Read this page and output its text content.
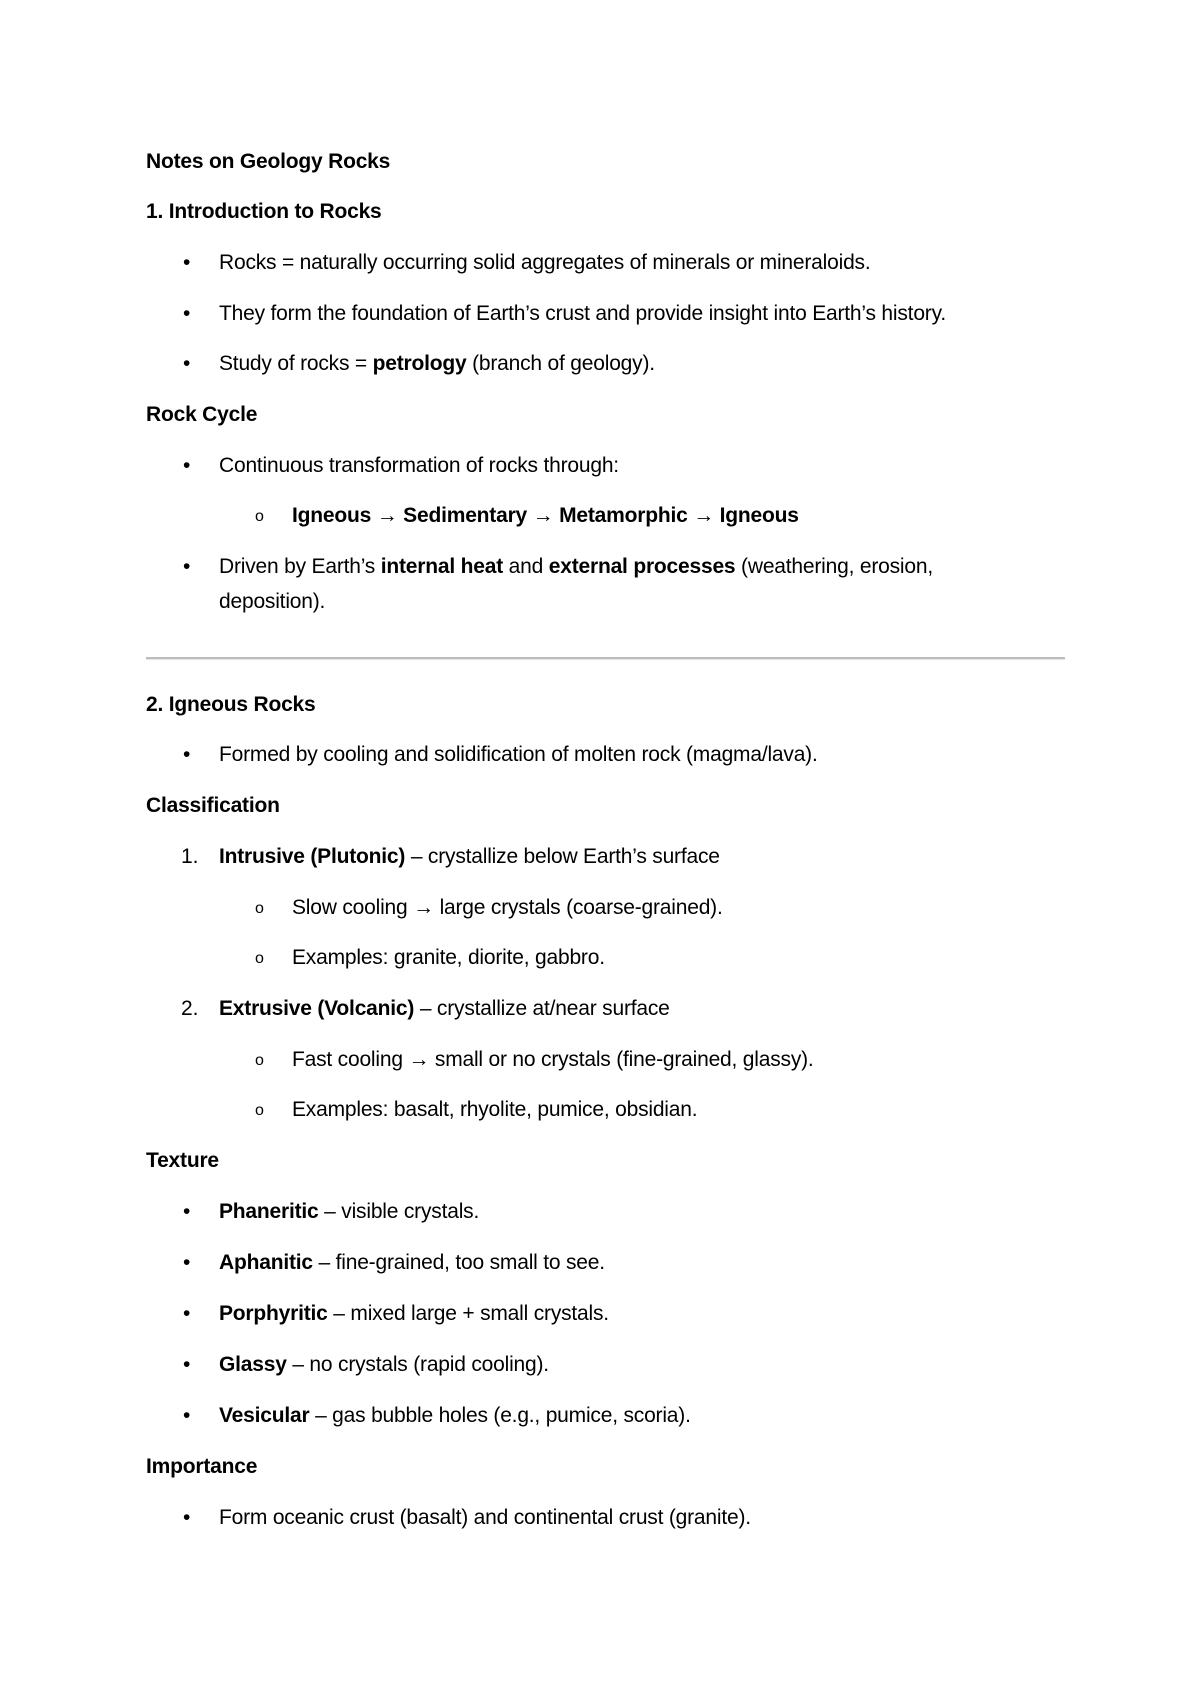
Notes on Geology Rocks

1. Introduction to Rocks

• Rocks = naturally occurring solid aggregates of minerals or mineraloids.

• They form the foundation of Earth’s crust and provide insight into Earth’s history.

• Study of rocks = petrology (branch of geology).

Rock Cycle

• Continuous transformation of rocks through:

o Igneous → Sedimentary → Metamorphic → Igneous

• Driven by Earth’s internal heat and external processes (weathering, erosion,

deposition).

2. Igneous Rocks

• Formed by cooling and solidification of molten rock (magma/lava).

Classification

1. Intrusive (Plutonic) – crystallize below Earth’s surface

o Slow cooling → large crystals (coarse-grained).

o Examples: granite, diorite, gabbro.

2. Extrusive (Volcanic) – crystallize at/near surface

o Fast cooling → small or no crystals (fine-grained, glassy).

o Examples: basalt, rhyolite, pumice, obsidian.

Texture

• Phaneritic – visible crystals.

• Aphanitic – fine-grained, too small to see.

• Porphyritic – mixed large + small crystals.

• Glassy – no crystals (rapid cooling).

• Vesicular – gas bubble holes (e.g., pumice, scoria).

Importance

• Form oceanic crust (basalt) and continental crust (granite).
